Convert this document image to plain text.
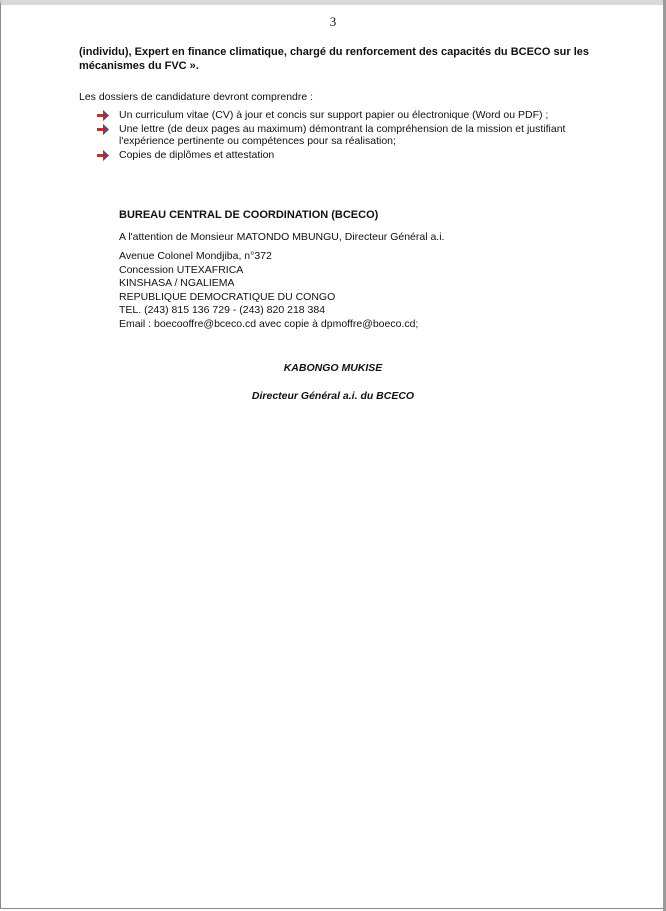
3
(individu), Expert en finance climatique, chargé du renforcement des capacités du BCECO sur les mécanismes du FVC ».
Les dossiers de candidature devront comprendre :
Un curriculum vitae (CV) à jour et concis sur support papier ou électronique (Word ou PDF) ;
Une lettre (de deux pages au maximum) démontrant la compréhension de la mission et justifiant l'expérience pertinente ou compétences pour sa réalisation;
Copies de diplômes et attestation
BUREAU CENTRAL DE COORDINATION (BCECO)
A l'attention de Monsieur MATONDO MBUNGU, Directeur Général a.i.
Avenue Colonel Mondjiba, n°372
Concession UTEXAFRICA
KINSHASA / NGALIEMA
REPUBLIQUE DEMOCRATIQUE DU CONGO
TEL. (243) 815 136 729 - (243) 820 218 384
Email : boecooffre@bceco.cd avec copie à dpmoffre@boeco.cd;
KABONGO MUKISE
Directeur Général a.i. du BCECO
